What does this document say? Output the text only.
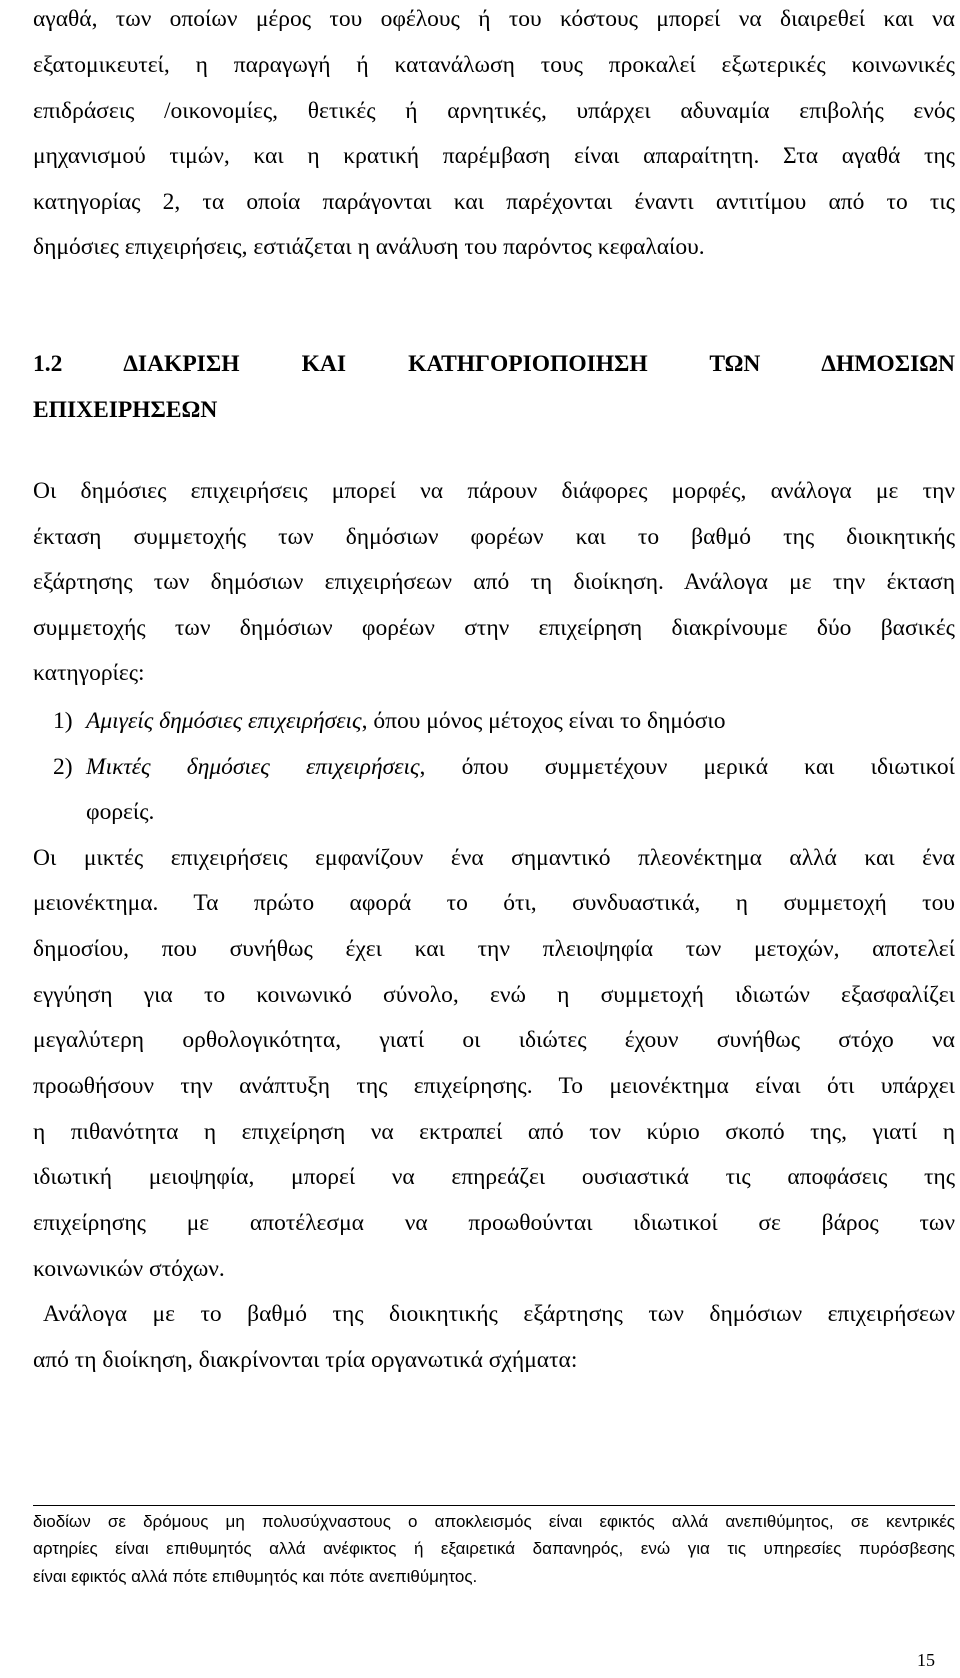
αγαθά, των οποίων μέρος του οφέλους ή του κόστους μπορεί να διαιρεθεί και να
εξατομικευτεί, η παραγωγή ή κατανάλωση τους προκαλεί εξωτερικές κοινωνικές
επιδράσεις /οικονομίες, θετικές ή αρνητικές, υπάρχει αδυναμία επιβολής ενός
μηχανισμού τιμών, και η κρατική παρέμβαση είναι απαραίτητη. Στα αγαθά της
κατηγορίας 2, τα οποία παράγονται και παρέχονται έναντι αντιτίμου από το τις
δημόσιες επιχειρήσεις, εστιάζεται η ανάλυση του παρόντος κεφαλαίου.
1.2 ΔΙΑΚΡΙΣΗ ΚΑΙ ΚΑΤΗΓΟΡΙΟΠΟΙΗΣΗ ΤΩΝ ΔΗΜΟΣΙΩΝ
ΕΠΙΧΕΙΡΗΣΕΩΝ
Οι δημόσιες επιχειρήσεις μπορεί να πάρουν διάφορες μορφές, ανάλογα με την
έκταση συμμετοχής των δημόσιων φορέων και το βαθμό της διοικητικής
εξάρτησης των δημόσιων επιχειρήσεων από τη διοίκηση. Ανάλογα με την έκταση
συμμετοχής των δημόσιων φορέων στην επιχείρηση διακρίνουμε δύο βασικές
κατηγορίες:
1) Αμιγείς δημόσιες επιχειρήσεις, όπου μόνος μέτοχος είναι το δημόσιο
2) Μικτές δημόσιες επιχειρήσεις, όπου συμμετέχουν μερικά και ιδιωτικοί
φορείς.
Οι μικτές επιχειρήσεις εμφανίζουν ένα σημαντικό πλεονέκτημα αλλά και ένα
μειονέκτημα. Τα πρώτο αφορά το ότι, συνδυαστικά, η συμμετοχή του
δημοσίου, που συνήθως έχει και την πλειοψηφία των μετοχών, αποτελεί
εγγύηση για το κοινωνικό σύνολο, ενώ η συμμετοχή ιδιωτών εξασφαλίζει
μεγαλύτερη ορθολογικότητα, γιατί οι ιδιώτες έχουν συνήθως στόχο να
προωθήσουν την ανάπτυξη της επιχείρησης. Το μειονέκτημα είναι ότι υπάρχει
η πιθανότητα η επιχείρηση να εκτραπεί από τον κύριο σκοπό της, γιατί η
ιδιωτική μειοψηφία, μπορεί να επηρεάζει ουσιαστικά τις αποφάσεις της
επιχείρησης με αποτέλεσμα να προωθούνται ιδιωτικοί σε βάρος των
κοινωνικών στόχων.
Ανάλογα με το βαθμό της διοικητικής εξάρτησης των δημόσιων επιχειρήσεων
από τη διοίκηση, διακρίνονται τρία οργανωτικά σχήματα:
διοδίων σε δρόμους μη πολυσύχναστους ο αποκλεισμός είναι εφικτός αλλά ανεπιθύμητος, σε κεντρικές
αρτηρίες είναι επιθυμητός αλλά ανέφικτος ή εξαιρετικά δαπανηρός, ενώ για τις υπηρεσίες πυρόσβεσης
είναι εφικτός αλλά πότε επιθυμητός και πότε ανεπιθύμητος.
15
